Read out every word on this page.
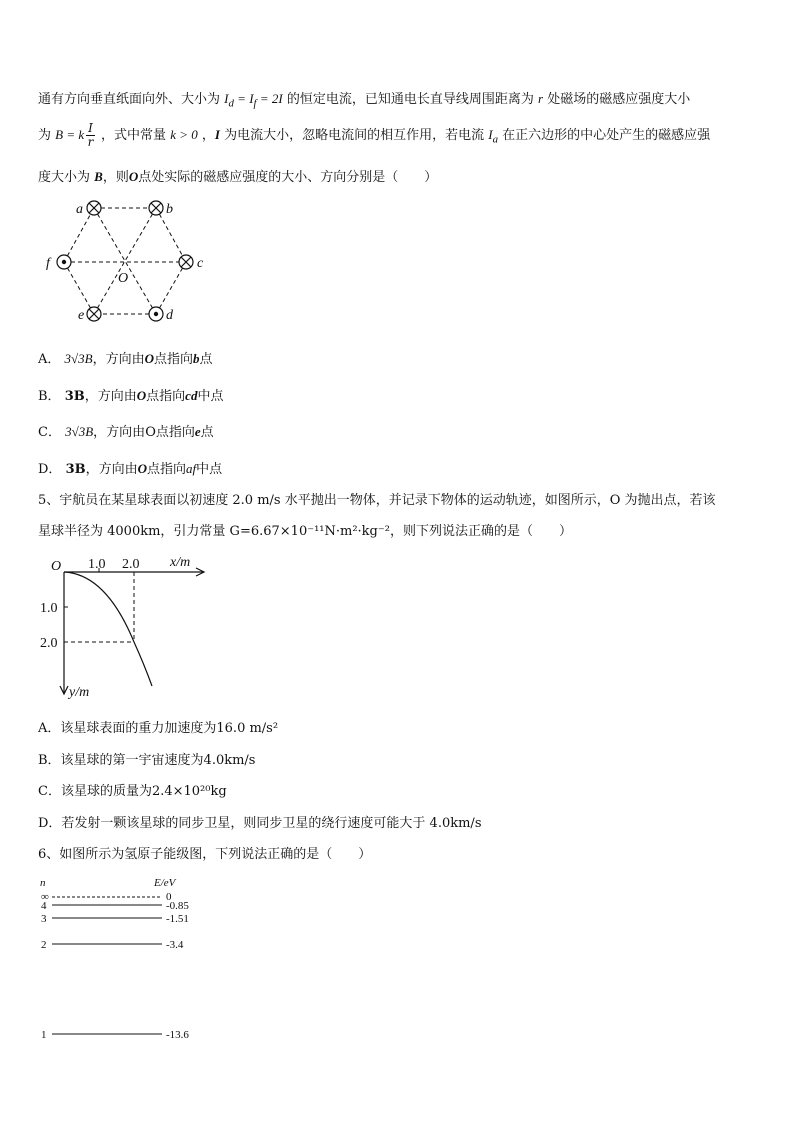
通有方向垂直纸面向外、大小为 $I_d = I_f = 2I$ 的恒定电流，已知通电长直导线周围距离为 r 处磁场的磁感应强度大小
为 B = k $\frac{I}{r}$ ，式中常量 k > 0 ，I 为电流大小，忽略电流间的相互作用，若电流 $I_a$ 在正六边形的中心处产生的磁感应强
度大小为 B，则O点处实际的磁感应强度的大小、方向分别是（　　）
a	b
c
d
e
f
O
A． 3√3B，方向由O点指向b点
B． 3B，方向由O点指向cd中点
C． 3√3B，方向由O点指向e点
D． 3B，方向由O点指向af中点
5、宇航员在某星球表面以初速度 2.0 m/s 水平抛出一物体，并记录下物体的运动轨迹，如图所示，O 为抛出点，若该
星球半径为 4000km，引力常量 G=6.67×10⁻¹¹N·m²·kg⁻²，则下列说法正确的是（　　）
O 1.0 2.0 x/m
1.0
2.0
y/m
A．该星球表面的重力加速度为16.0 m/s²
B．该星球的第一宇宙速度为4.0km/s
C．该星球的质量为2.4×10²⁰kg
D．若发射一颗该星球的同步卫星，则同步卫星的绕行速度可能大于 4.0km/s
6、如图所示为氢原子能级图，下列说法正确的是（　　）
n	E/eV
∞	0
4	-0.85
3	-1.51
2	-3.4
1	-13.6
